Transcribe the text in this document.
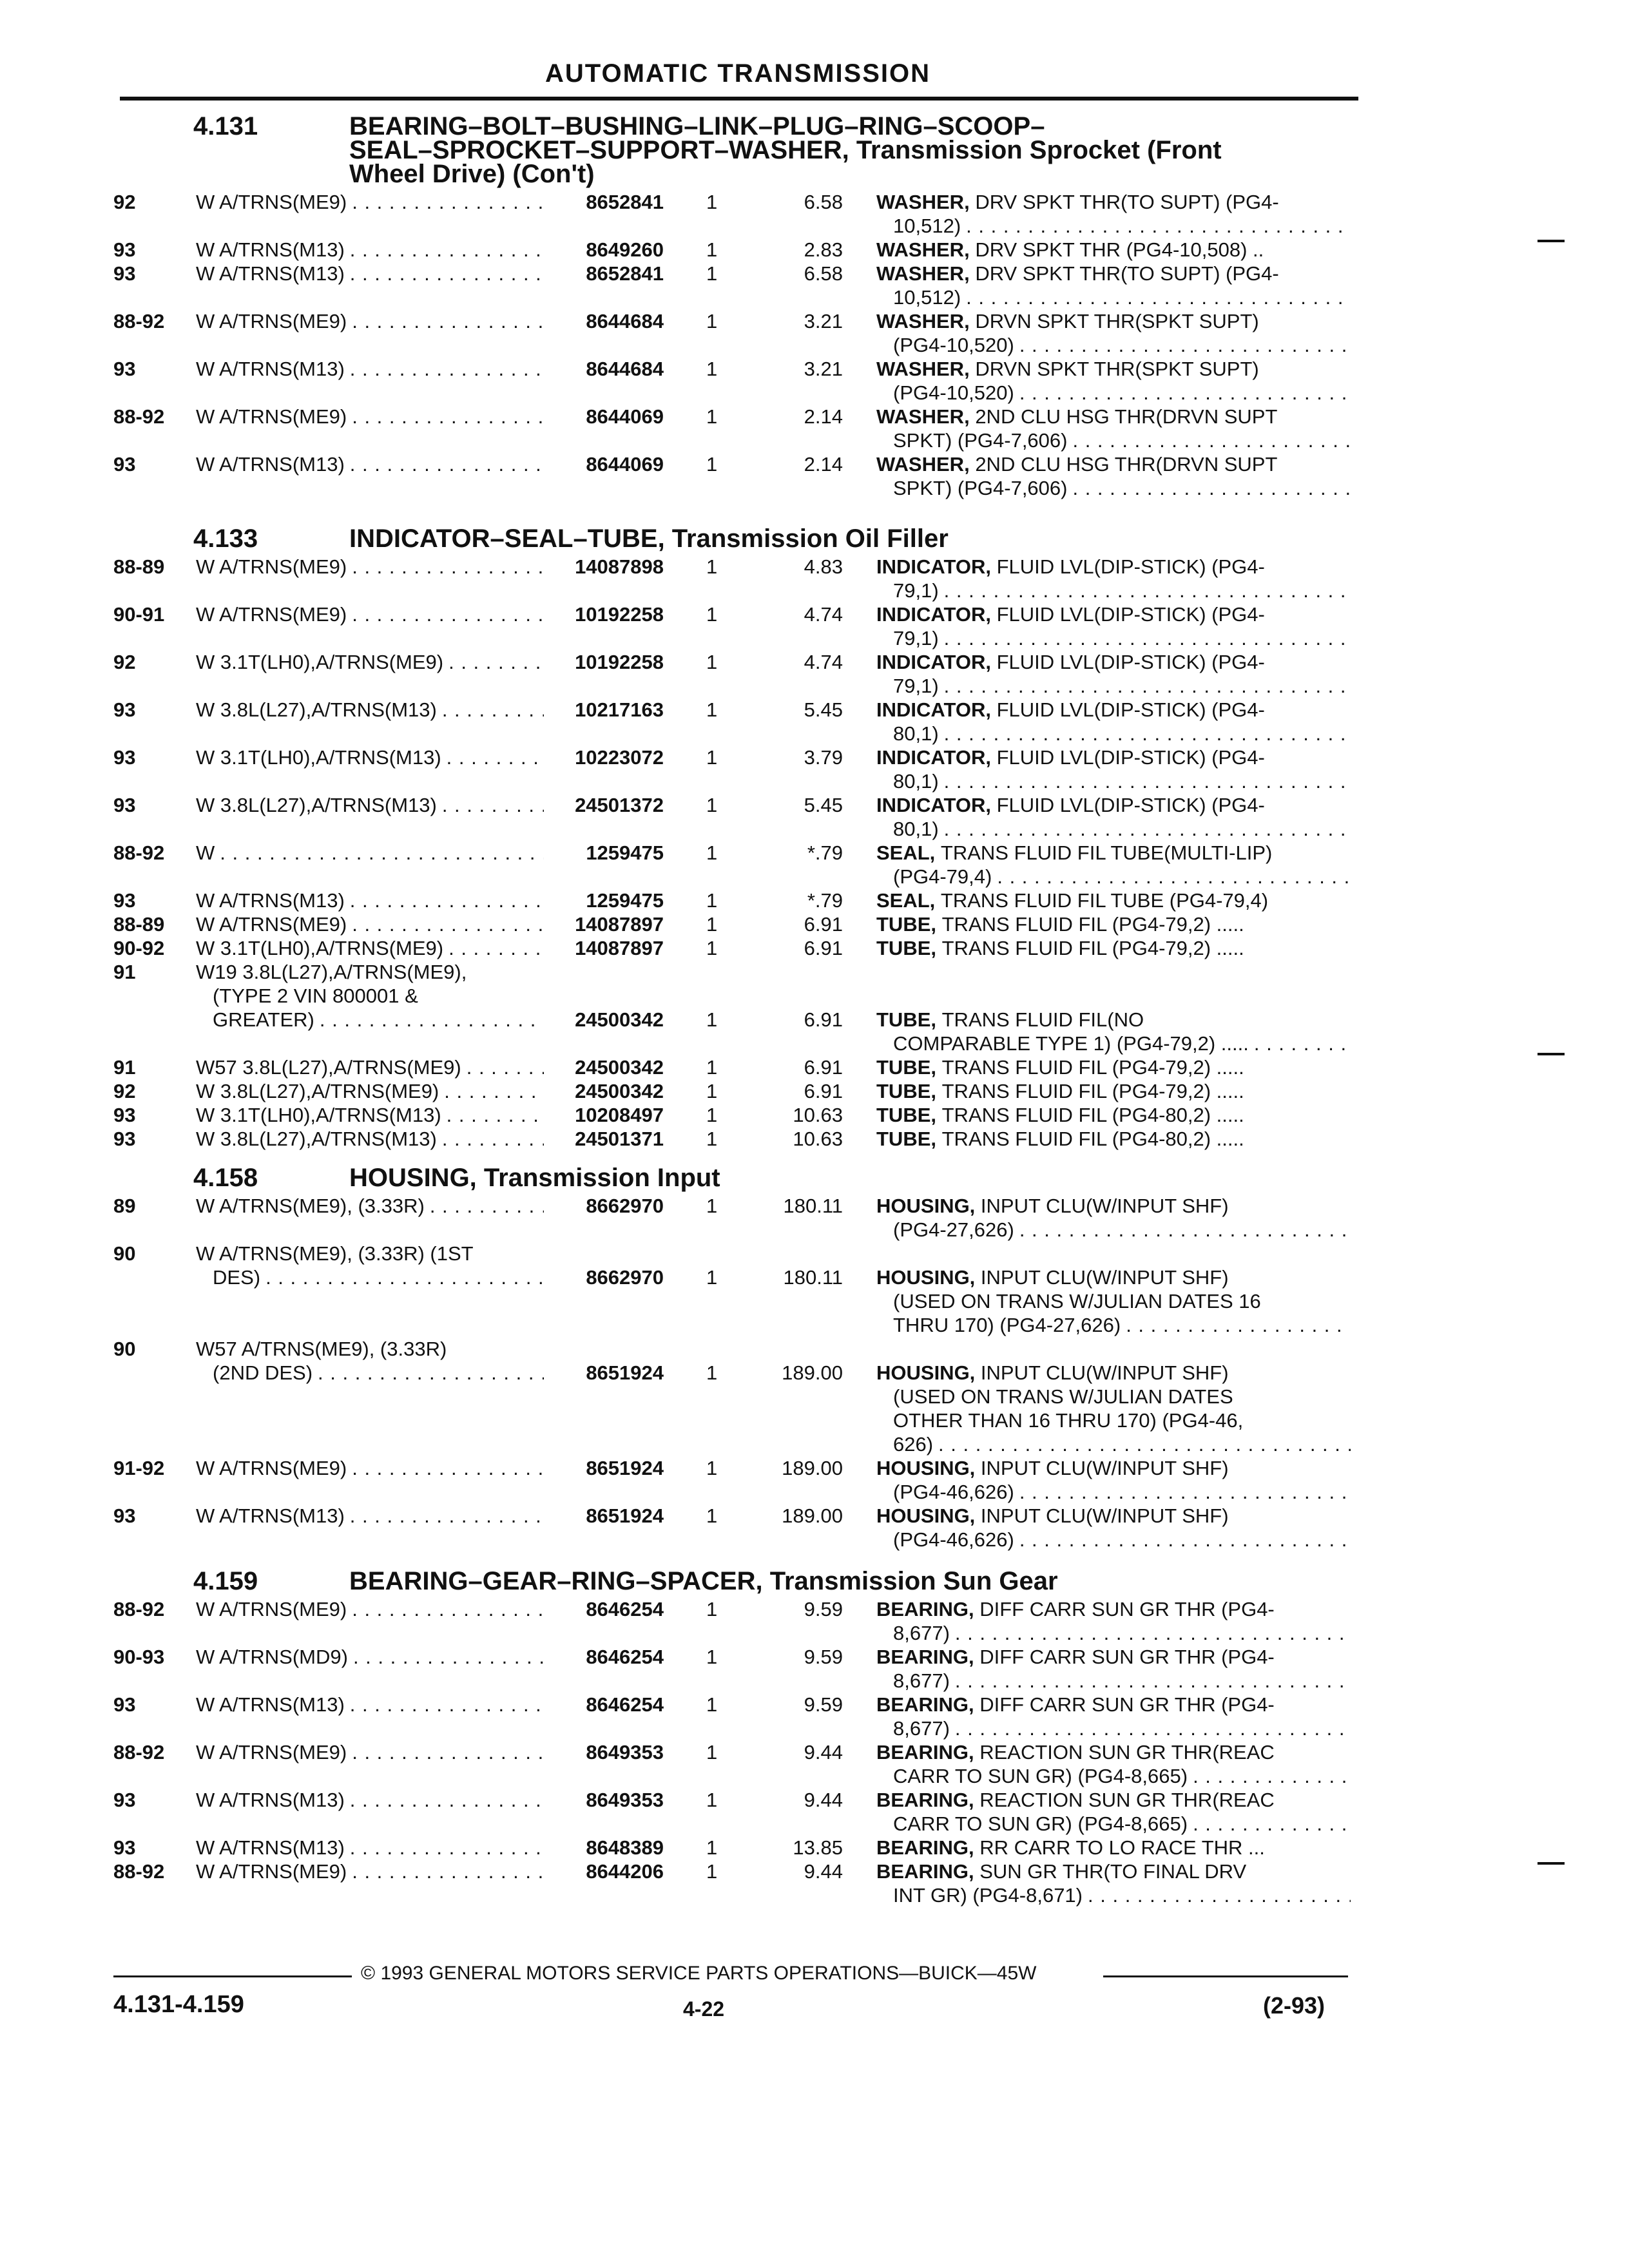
AUTOMATIC TRANSMISSION
4.131	BEARING–BOLT–BUSHING–LINK–PLUG–RING–SCOOP–
SEAL–SPROCKET–SUPPORT–WASHER, Transmission Sprocket (Front
Wheel Drive) (Con't)
92	W A/TRNS(ME9) . . .	8652841 1	6.58 WASHER,
DRV SPKT THR(TO SUPT) (PG4-
10,512)
. . .
93	W A/TRNS(M13) . . .	8649260 1	2.83 WASHER,
DRV SPKT THR (PG4-10,508) ..
93	W A/TRNS(M13) . . .	8652841 1	6.58 WASHER,
DRV SPKT THR(TO SUPT) (PG4-
10,512)
. . .
88-92 W A/TRNS(ME9) . . .	8644684 1	3.21 WASHER,
DRVN SPKT THR(SPKT SUPT)
(PG4-10,520)
. . .
93	W A/TRNS(M13) . . .	8644684 1	3.21 WASHER,
DRVN SPKT THR(SPKT SUPT)
(PG4-10,520)
. . .
88-92 W A/TRNS(ME9) . . .	8644069 1	2.14 WASHER,
2ND CLU HSG THR(DRVN SUPT
SPKT) (PG4-7,606)
. . .
93	W A/TRNS(M13) . . .	8644069 1	2.14 WASHER,
2ND CLU HSG THR(DRVN SUPT
SPKT) (PG4-7,606)
. . .
4.133	INDICATOR–SEAL–TUBE, Transmission Oil Filler
88-89 W A/TRNS(ME9) . . .	14087898 1	4.83 INDICATOR,
FLUID LVL(DIP-STICK) (PG4-
79,1)
. . .
90-91 W A/TRNS(ME9) . . .	10192258 1	4.74 INDICATOR,
FLUID LVL(DIP-STICK) (PG4-
79,1)
. . .
92	W 3.1T(LH0),A/TRNS(ME9) . . .	10192258 1	4.74 INDICATOR,
FLUID LVL(DIP-STICK) (PG4-
79,1)
. . .
93	W 3.8L(L27),A/TRNS(M13) . . .	10217163 1	5.45 INDICATOR,
FLUID LVL(DIP-STICK) (PG4-
80,1)
. . .
93	W 3.1T(LH0),A/TRNS(M13) . . .	10223072 1	3.79 INDICATOR,
FLUID LVL(DIP-STICK) (PG4-
80,1)
. . .
93	W 3.8L(L27),A/TRNS(M13) . . .	24501372 1	5.45 INDICATOR,
FLUID LVL(DIP-STICK) (PG4-
80,1)
. . .
88-92 W . . .	1259475 1	*.79 SEAL,
TRANS FLUID FIL TUBE(MULTI-LIP)
(PG4-79,4)
. . .
93	W A/TRNS(M13) . . .	1259475 1	*.79 SEAL,
TRANS FLUID FIL TUBE (PG4-79,4)
88-89 W A/TRNS(ME9) . . .	14087897 1	6.91 TUBE,
TRANS FLUID FIL (PG4-79,2) .....
90-92 W 3.1T(LH0),A/TRNS(ME9) . . .	14087897 1	6.91 TUBE,
TRANS FLUID FIL (PG4-79,2) .....
91	W19 3.8L(L27),A/TRNS(ME9),
(TYPE 2 VIN 800001 &
GREATER) . . .	24500342 1	6.91 TUBE,
TRANS FLUID FIL(NO
COMPARABLE TYPE 1) (PG4-79,2) .....
. . .
91	W57 3.8L(L27),A/TRNS(ME9) . . .	24500342 1	6.91 TUBE,
TRANS FLUID FIL (PG4-79,2) .....
92	W 3.8L(L27),A/TRNS(ME9) . . .	24500342 1	6.91 TUBE,
TRANS FLUID FIL (PG4-79,2) .....
93	W 3.1T(LH0),A/TRNS(M13) . . .	10208497 1	10.63 TUBE,
TRANS FLUID FIL (PG4-80,2) .....
93	W 3.8L(L27),A/TRNS(M13) . . .	24501371 1	10.63 TUBE,
TRANS FLUID FIL (PG4-80,2) .....
4.158	HOUSING, Transmission Input
89	W A/TRNS(ME9), (3.33R) . . .	8662970 1	180.11 HOUSING,
INPUT CLU(W/INPUT SHF)
(PG4-27,626)
. . .
90	W A/TRNS(ME9), (3.33R) (1ST
DES) . . .	8662970 1	180.11 HOUSING,
INPUT CLU(W/INPUT SHF)
(USED ON TRANS W/JULIAN DATES 16
THRU 170) (PG4-27,626)
. . .
90	W57 A/TRNS(ME9), (3.33R)
(2ND DES) . . .	8651924 1	189.00 HOUSING,
INPUT CLU(W/INPUT SHF)
(USED ON TRANS W/JULIAN DATES
OTHER THAN 16 THRU 170) (PG4-46,
626)
. . .
91-92 W A/TRNS(ME9) . . .	8651924 1	189.00 HOUSING,
INPUT CLU(W/INPUT SHF)
(PG4-46,626)
. . .
93	W A/TRNS(M13) . . .	8651924 1	189.00 HOUSING,
INPUT CLU(W/INPUT SHF)
(PG4-46,626)
. . .
4.159	BEARING–GEAR–RING–SPACER, Transmission Sun Gear
88-92 W A/TRNS(ME9) . . .	8646254 1	9.59 BEARING,
DIFF CARR SUN GR THR (PG4-
8,677)
. . .
90-93 W A/TRNS(MD9) . . .	8646254 1	9.59 BEARING,
DIFF CARR SUN GR THR (PG4-
8,677)
. . .
93	W A/TRNS(M13) . . .	8646254 1	9.59 BEARING,
DIFF CARR SUN GR THR (PG4-
8,677)
. . .
88-92 W A/TRNS(ME9) . . .	8649353 1	9.44 BEARING,
REACTION SUN GR THR(REAC
CARR TO SUN GR) (PG4-8,665)
. . .
93	W A/TRNS(M13) . . .	8649353 1	9.44 BEARING,
REACTION SUN GR THR(REAC
CARR TO SUN GR) (PG4-8,665)
. . .
93	W A/TRNS(M13) . . .	8648389 1	13.85 BEARING,
RR CARR TO LO RACE THR ...
88-92 W A/TRNS(ME9) . . .	8644206 1	9.44 BEARING,
SUN GR THR(TO FINAL DRV
INT GR) (PG4-8,671)
. . .
© 1993 GENERAL MOTORS SERVICE PARTS OPERATIONS—BUICK—45W
4.131-4.159	4-22	(2-93)
